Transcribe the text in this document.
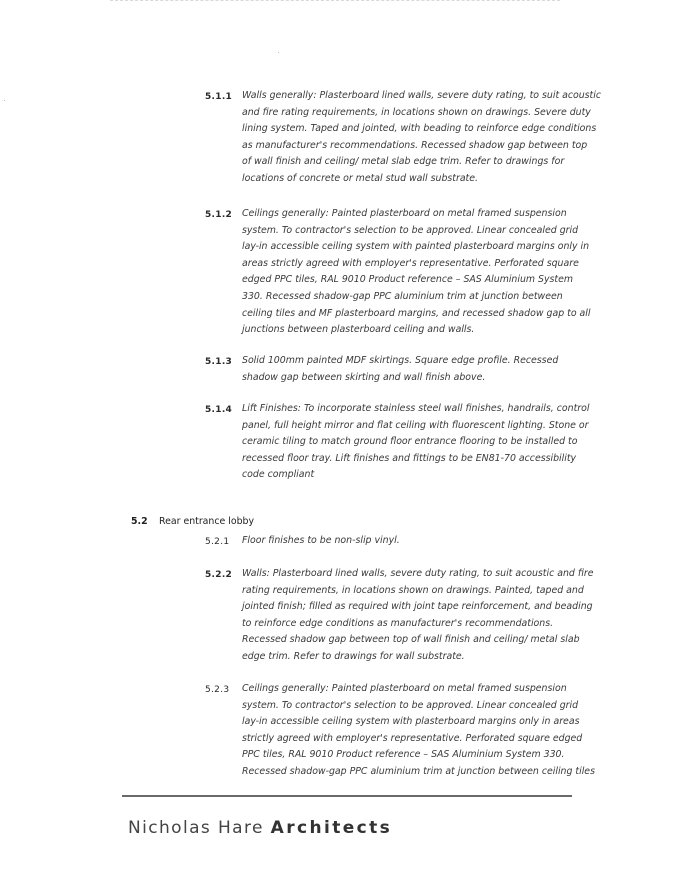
5.1.1 Walls generally: Plasterboard lined walls, severe duty rating, to suit acoustic
and fire rating requirements, in locations shown on drawings. Severe duty
lining system. Taped and jointed, with beading to reinforce edge conditions
as manufacturer's recommendations. Recessed shadow gap between top
of wall finish and ceiling/ metal slab edge trim. Refer to drawings for
locations of concrete or metal stud wall substrate.
5.1.2 Ceilings generally: Painted plasterboard on metal framed suspension
system. To contractor's selection to be approved. Linear concealed grid
lay-in accessible ceiling system with painted plasterboard margins only in
areas strictly agreed with employer's representative. Perforated square
edged PPC tiles, RAL 9010 Product reference – SAS Aluminium System
330. Recessed shadow-gap PPC aluminium trim at junction between
ceiling tiles and MF plasterboard margins, and recessed shadow gap to all
junctions between plasterboard ceiling and walls.
5.1.3 Solid 100mm painted MDF skirtings. Square edge profile. Recessed
shadow gap between skirting and wall finish above.
5.1.4 Lift Finishes: To incorporate stainless steel wall finishes, handrails, control
panel, full height mirror and flat ceiling with fluorescent lighting. Stone or
ceramic tiling to match ground floor entrance flooring to be installed to
recessed floor tray. Lift finishes and fittings to be EN81-70 accessibility
code compliant
5.2 Rear entrance lobby
5.2.1 Floor finishes to be non-slip vinyl.
5.2.2 Walls: Plasterboard lined walls, severe duty rating, to suit acoustic and fire
rating requirements, in locations shown on drawings. Painted, taped and
jointed finish; filled as required with joint tape reinforcement, and beading
to reinforce edge conditions as manufacturer's recommendations.
Recessed shadow gap between top of wall finish and ceiling/ metal slab
edge trim. Refer to drawings for wall substrate.
5.2.3 Ceilings generally: Painted plasterboard on metal framed suspension
system. To contractor's selection to be approved. Linear concealed grid
lay-in accessible ceiling system with plasterboard margins only in areas
strictly agreed with employer's representative. Perforated square edged
PPC tiles, RAL 9010 Product reference – SAS Aluminium System 330.
Recessed shadow-gap PPC aluminium trim at junction between ceiling tiles
Nicholas Hare Architects
